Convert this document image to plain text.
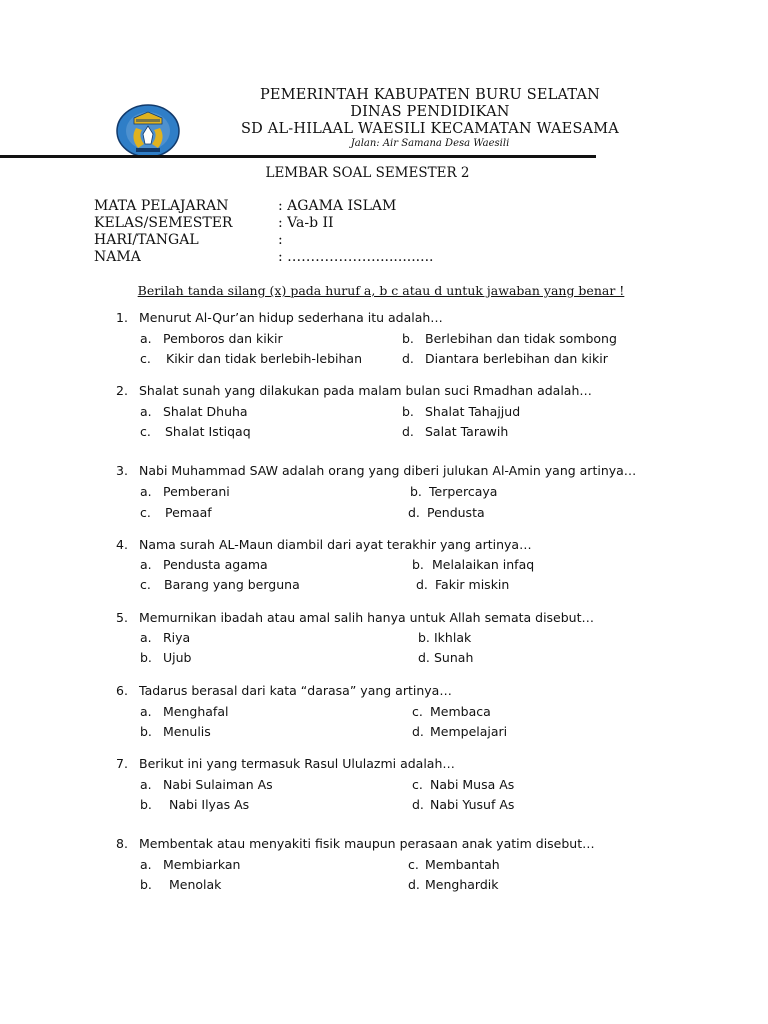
PEMERINTAH KABUPATEN BURU SELATAN
DINAS PENDIDIKAN
SD AL-HILAAL WAESILI KECAMATAN WAESAMA
Jalan: Air Samana Desa Waesili
LEMBAR SOAL SEMESTER 2
MATA PELAJARAN	: AGAMA ISLAM
KELAS/SEMESTER	: Va-b II
HARI/TANGAL	:
NAMA	: ………………..............
Berilah tanda silang (x) pada huruf a, b c atau d untuk jawaban yang benar !
1. Menurut Al-Qur’an hidup sederhana itu adalah…
a. Pemboros dan kikir	b. Berlebihan dan tidak sombong
c. Kikir dan tidak berlebih-lebihan	d. Diantara berlebihan dan kikir
2. Shalat sunah yang dilakukan pada malam bulan suci Rmadhan adalah…
a. Shalat Dhuha	b. Shalat Tahajjud
c. Shalat Istiqaq	d. Salat Tarawih
3. Nabi Muhammad SAW adalah orang yang diberi julukan Al-Amin yang artinya…
a. Pemberani	b. Terpercaya
c. Pemaaf	d. Pendusta
4. Nama surah AL-Maun diambil dari ayat terakhir yang artinya…
a. Pendusta agama	b. Melalaikan infaq
c. Barang yang berguna	d. Fakir miskin
5. Memurnikan ibadah atau amal salih hanya untuk Allah semata disebut…
a. Riya	b. Ikhlak
b. Ujub	d. Sunah
6. Tadarus berasal dari kata “darasa” yang artinya…
a. Menghafal	c. Membaca
b. Menulis	d. Mempelajari
7. Berikut ini yang termasuk Rasul Ululazmi adalah…
a. Nabi Sulaiman As	c. Nabi Musa As
b. Nabi Ilyas As	d. Nabi Yusuf As
8. Membentak atau menyakiti fisik maupun perasaan anak yatim disebut…
a. Membiarkan	c. Membantah
b. Menolak	d. Menghardik
